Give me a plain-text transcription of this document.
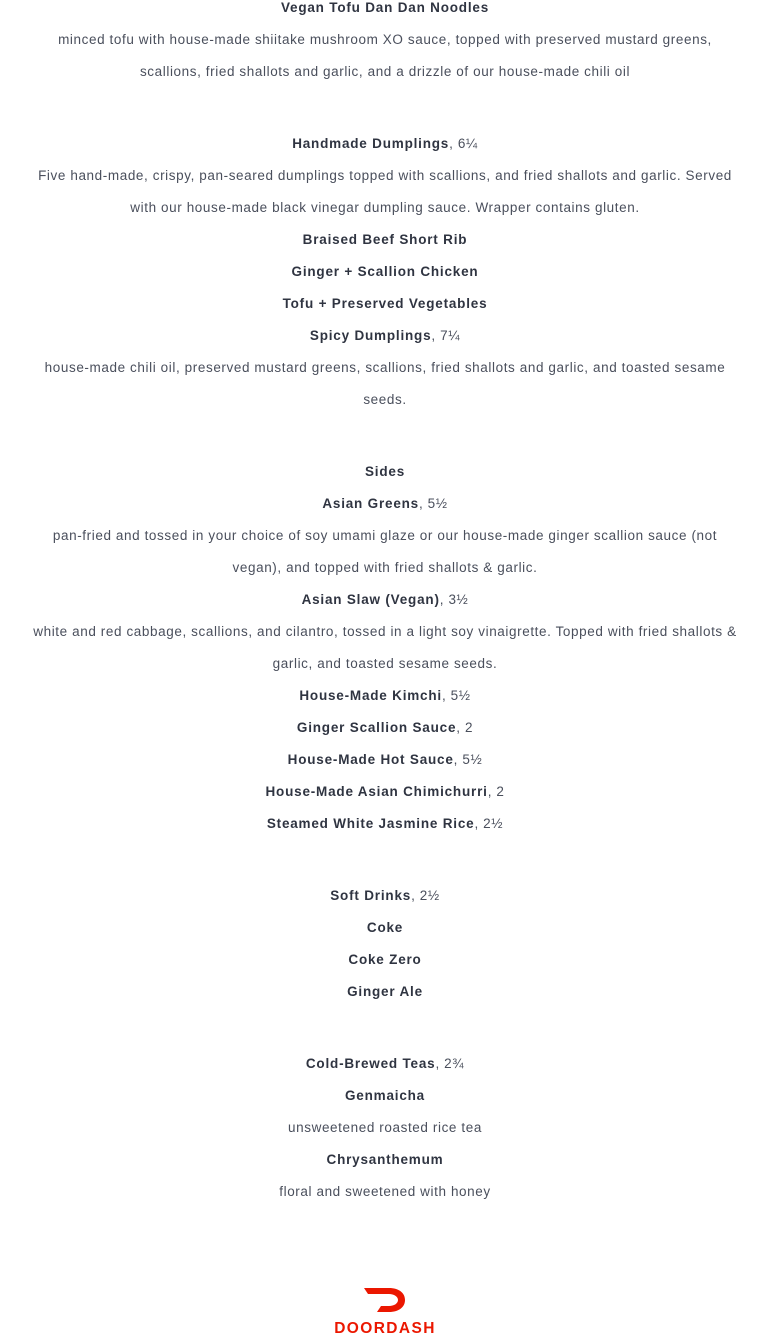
Vegan Tofu Dan Dan Noodles
minced tofu with house-made shiitake mushroom XO sauce, topped with preserved mustard greens,
scallions, fried shallots and garlic, and a drizzle of our house-made chili oil
Handmade Dumplings, 6¼
Five hand-made, crispy, pan-seared dumplings topped with scallions, and fried shallots and garlic. Served
with our house-made black vinegar dumpling sauce. Wrapper contains gluten.
Braised Beef Short Rib
Ginger + Scallion Chicken
Tofu + Preserved Vegetables
Spicy Dumplings, 7¼
house-made chili oil, preserved mustard greens, scallions, fried shallots and garlic, and toasted sesame
seeds.
Sides
Asian Greens, 5½
pan-fried and tossed in your choice of soy umami glaze or our house-made ginger scallion sauce (not
vegan), and topped with fried shallots & garlic.
Asian Slaw (Vegan), 3½
white and red cabbage, scallions, and cilantro, tossed in a light soy vinaigrette. Topped with fried shallots &
garlic, and toasted sesame seeds.
House-Made Kimchi, 5½
Ginger Scallion Sauce, 2
House-Made Hot Sauce, 5½
House-Made Asian Chimichurri, 2
Steamed White Jasmine Rice, 2½
Soft Drinks, 2½
Coke
Coke Zero
Ginger Ale
Cold-Brewed Teas, 2¾
Genmaicha
unsweetened roasted rice tea
Chrysanthemum
floral and sweetened with honey
DOORDASH
